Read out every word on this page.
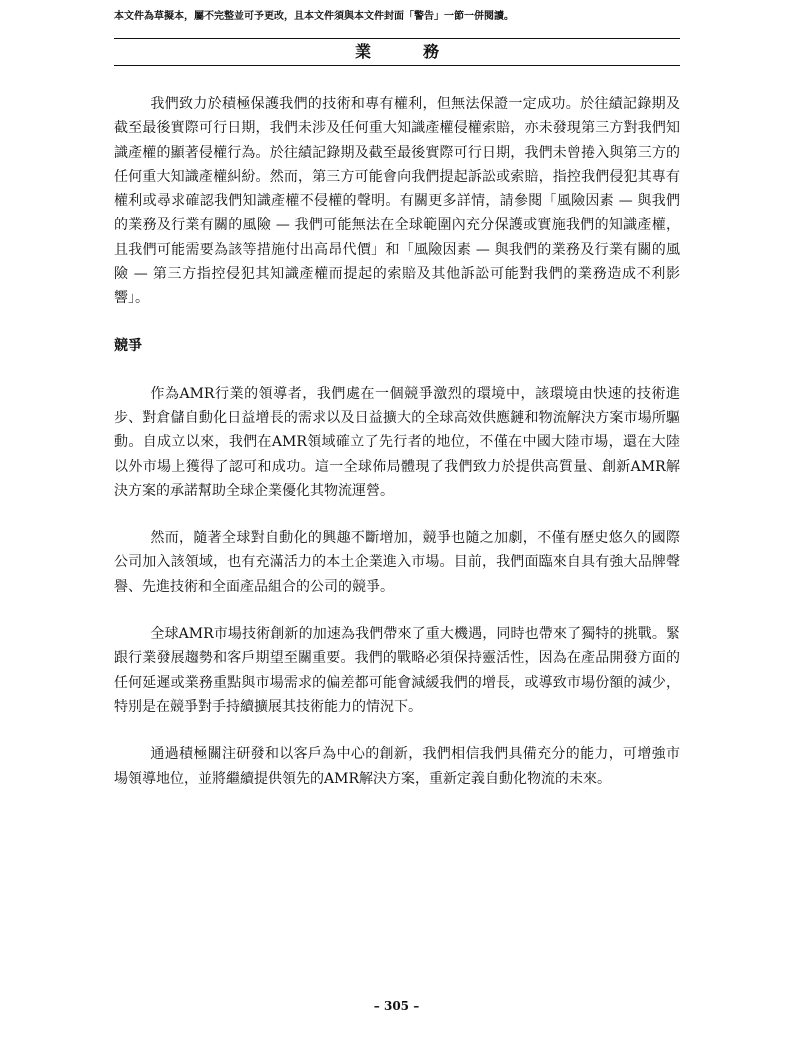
本文件為草擬本，屬不完整並可予更改，且本文件須與本文件封面「警告」一節一併閱讀。
業　務

我們致力於積極保護我們的技術和專有權利，但無法保證一定成功。於往績記錄期及截至最後實際可行日期，我們未涉及任何重大知識產權侵權索賠，亦未發現第三方對我們知識產權的顯著侵權行為。於往績記錄期及截至最後實際可行日期，我們未曾捲入與第三方的任何重大知識產權糾紛。然而，第三方可能會向我們提起訴訟或索賠，指控我們侵犯其專有權利或尋求確認我們知識產權不侵權的聲明。有關更多詳情，請參閱「風險因素 — 與我們的業務及行業有關的風險 — 我們可能無法在全球範圍內充分保護或實施我們的知識產權，且我們可能需要為該等措施付出高昂代價」和「風險因素 — 與我們的業務及行業有關的風險 — 第三方指控侵犯其知識產權而提起的索賠及其他訴訟可能對我們的業務造成不利影響」。

競爭

作為AMR行業的領導者，我們處在一個競爭激烈的環境中，該環境由快速的技術進步、對倉儲自動化日益增長的需求以及日益擴大的全球高效供應鏈和物流解決方案市場所驅動。自成立以來，我們在AMR領域確立了先行者的地位，不僅在中國大陸市場，還在大陸以外市場上獲得了認可和成功。這一全球佈局體現了我們致力於提供高質量、創新AMR解決方案的承諾幫助全球企業優化其物流運營。

然而，隨著全球對自動化的興趣不斷增加，競爭也隨之加劇，不僅有歷史悠久的國際公司加入該領域，也有充滿活力的本土企業進入市場。目前，我們面臨來自具有強大品牌聲譽、先進技術和全面產品組合的公司的競爭。

全球AMR市場技術創新的加速為我們帶來了重大機遇，同時也帶來了獨特的挑戰。緊跟行業發展趨勢和客戶期望至關重要。我們的戰略必須保持靈活性，因為在產品開發方面的任何延遲或業務重點與市場需求的偏差都可能會減緩我們的增長，或導致市場份額的減少，特別是在競爭對手持續擴展其技術能力的情況下。

通過積極關注研發和以客戶為中心的創新，我們相信我們具備充分的能力，可增強市場領導地位，並將繼續提供領先的AMR解決方案，重新定義自動化物流的未來。

– 305 –
